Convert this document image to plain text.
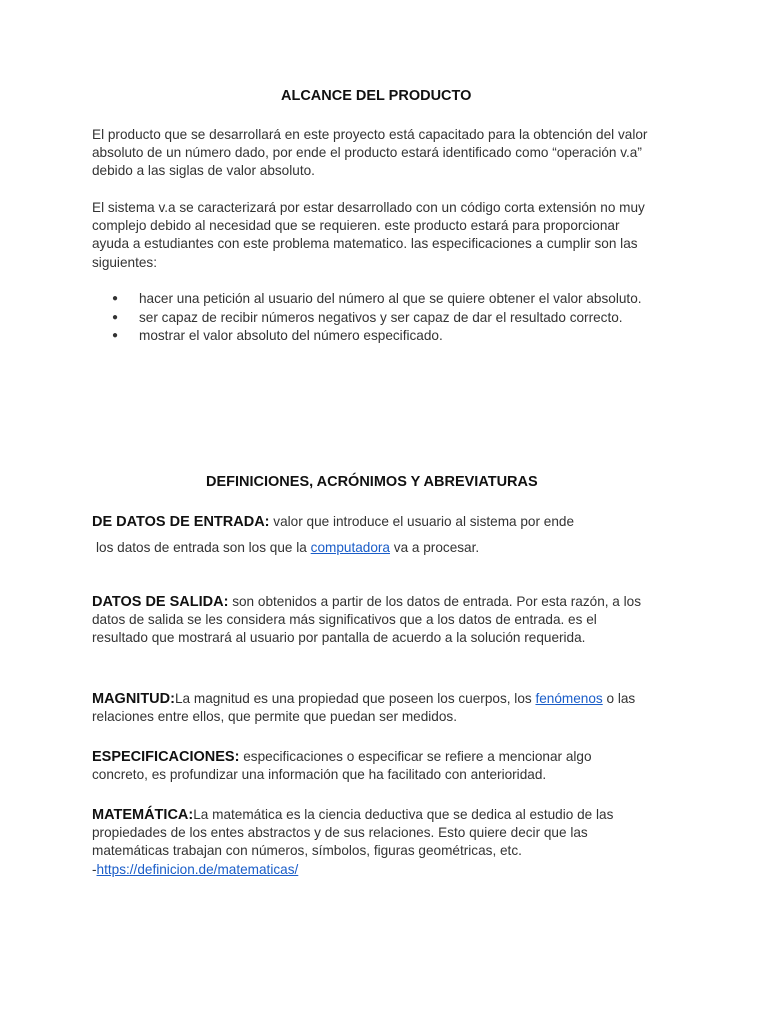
ALCANCE DEL PRODUCTO
El producto que se desarrollará en este proyecto está capacitado para la obtención del valor
absoluto de un número dado, por ende el producto estará identificado como “operación v.a”
debido a las siglas de valor absoluto.
El sistema v.a se caracterizará por estar desarrollado con un código corta extensión no muy
complejo debido al necesidad que se requieren. este producto estará para proporcionar
ayuda a estudiantes con este problema matematico. las especificaciones a cumplir son las
siguientes:
● hacer una petición al usuario del número al que se quiere obtener el valor absoluto.
● ser capaz de recibir números negativos y ser capaz de dar el resultado correcto.
● mostrar el valor absoluto del número especificado.
DEFINICIONES, ACRÓNIMOS Y ABREVIATURAS
DE DATOS DE ENTRADA: valor que introduce el usuario al sistema por ende
los datos de entrada son los que la computadora va a procesar.
DATOS DE SALIDA: son obtenidos a partir de los datos de entrada. Por esta razón, a los
datos de salida se les considera más significativos que a los datos de entrada. es el
resultado que mostrará al usuario por pantalla de acuerdo a la solución requerida.
MAGNITUD:La magnitud es una propiedad que poseen los cuerpos, los fenómenos o las
relaciones entre ellos, que permite que puedan ser medidos.
ESPECIFICACIONES: especificaciones o especificar se refiere a mencionar algo
concreto, es profundizar una información que ha facilitado con anterioridad.
MATEMÁTICA:La matemática es la ciencia deductiva que se dedica al estudio de las
propiedades de los entes abstractos y de sus relaciones. Esto quiere decir que las
matemáticas trabajan con números, símbolos, figuras geométricas, etc.
-https://definicion.de/matematicas/
